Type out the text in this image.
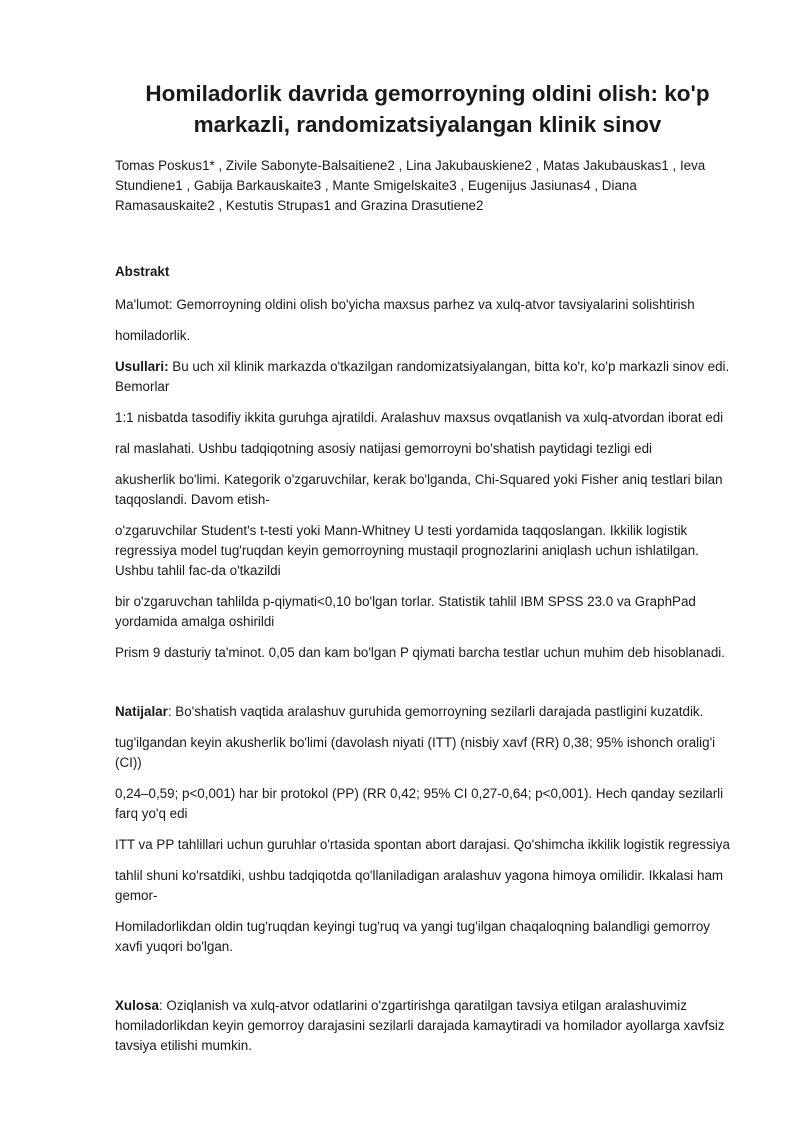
Homiladorlik davrida gemorroyning oldini olish: ko'p markazli, randomizatsiyalangan klinik sinov
Tomas Poskus1* , Zivile Sabonyte-Balsaitiene2 , Lina Jakubauskiene2 , Matas Jakubauskas1 , Ieva Stundiene1 , Gabija Barkauskaite3 , Mante Smigelskaite3 , Eugenijus Jasiunas4 , Diana Ramasauskaite2 , Kestutis Strupas1 and Grazina Drasutiene2
Abstrakt

Ma'lumot: Gemorroyning oldini olish bo'yicha maxsus parhez va xulq-atvor tavsiyalarini solishtirish

homiladorlik.

Usullari: Bu uch xil klinik markazda o'tkazilgan randomizatsiyalangan, bitta ko'r, ko'p markazli sinov edi. Bemorlar

1:1 nisbatda tasodifiy ikkita guruhga ajratildi. Aralashuv maxsus ovqatlanish va xulq-atvordan iborat edi

ral maslahati. Ushbu tadqiqotning asosiy natijasi gemorroyni bo'shatish paytidagi tezligi edi

akusherlik bo'limi. Kategorik o'zgaruvchilar, kerak bo'lganda, Chi-Squared yoki Fisher aniq testlari bilan taqqoslandi. Davom etish-

o'zgaruvchilar Student's t-testi yoki Mann-Whitney U testi yordamida taqqoslangan. Ikkilik logistik regressiya model tug'ruqdan keyin gemorroyning mustaqil prognozlarini aniqlash uchun ishlatilgan. Ushbu tahlil fac-da o'tkazildi

bir o'zgaruvchan tahlilda p-qiymati<0,10 bo'lgan torlar. Statistik tahlil IBM SPSS 23.0 va GraphPad yordamida amalga oshirildi

Prism 9 dasturiy ta'minot. 0,05 dan kam bo'lgan P qiymati barcha testlar uchun muhim deb hisoblanadi.

Natijalar: Bo'shatish vaqtida aralashuv guruhida gemorroyning sezilarli darajada pastligini kuzatdik.

tug'ilgandan keyin akusherlik bo'limi (davolash niyati (ITT) (nisbiy xavf (RR) 0,38; 95% ishonch oralig'i (CI))

0,24–0,59; p<0,001) har bir protokol (PP) (RR 0,42; 95% CI 0,27-0,64; p<0,001). Hech qanday sezilarli farq yo'q edi

ITT va PP tahlillari uchun guruhlar o'rtasida spontan abort darajasi. Qo'shimcha ikkilik logistik regressiya

tahlil shuni ko'rsatdiki, ushbu tadqiqotda qo'llaniladigan aralashuv yagona himoya omilidir. Ikkalasi ham gemor-

Homiladorlikdan oldin tug'ruqdan keyingi tug'ruq va yangi tug'ilgan chaqaloqning balandligi gemorroy xavfi yuqori bo'lgan.

Xulosa: Oziqlanish va xulq-atvor odatlarini o'zgartirishga qaratilgan tavsiya etilgan aralashuvimiz homiladorlikdan keyin gemorroy darajasini sezilarli darajada kamaytiradi va homilador ayollarga xavfsiz tavsiya etilishi mumkin.
